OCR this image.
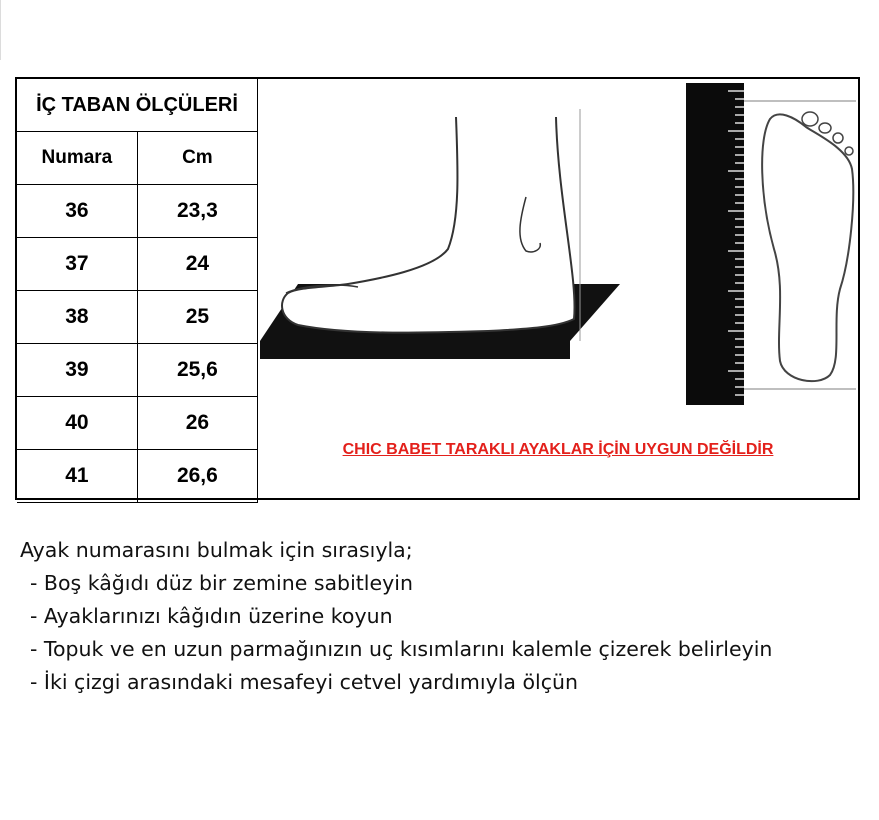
İÇ TABAN ÖLÇÜLERİ	
Numara	Cm
36	23,3
37	24
38	25
39	25,6
40	26
41	26,6
CHIC BABET TARAKLI AYAKLAR İÇİN UYGUN DEĞİLDİR
Ayak numarasını bulmak için sırasıyla;
- Boş kâğıdı düz bir zemine sabitleyin
- Ayaklarınızı kâğıdın üzerine koyun
- Topuk ve en uzun parmağınızın uç kısımlarını kalemle çizerek belirleyin
- İki çizgi arasındaki mesafeyi cetvel yardımıyla ölçün
